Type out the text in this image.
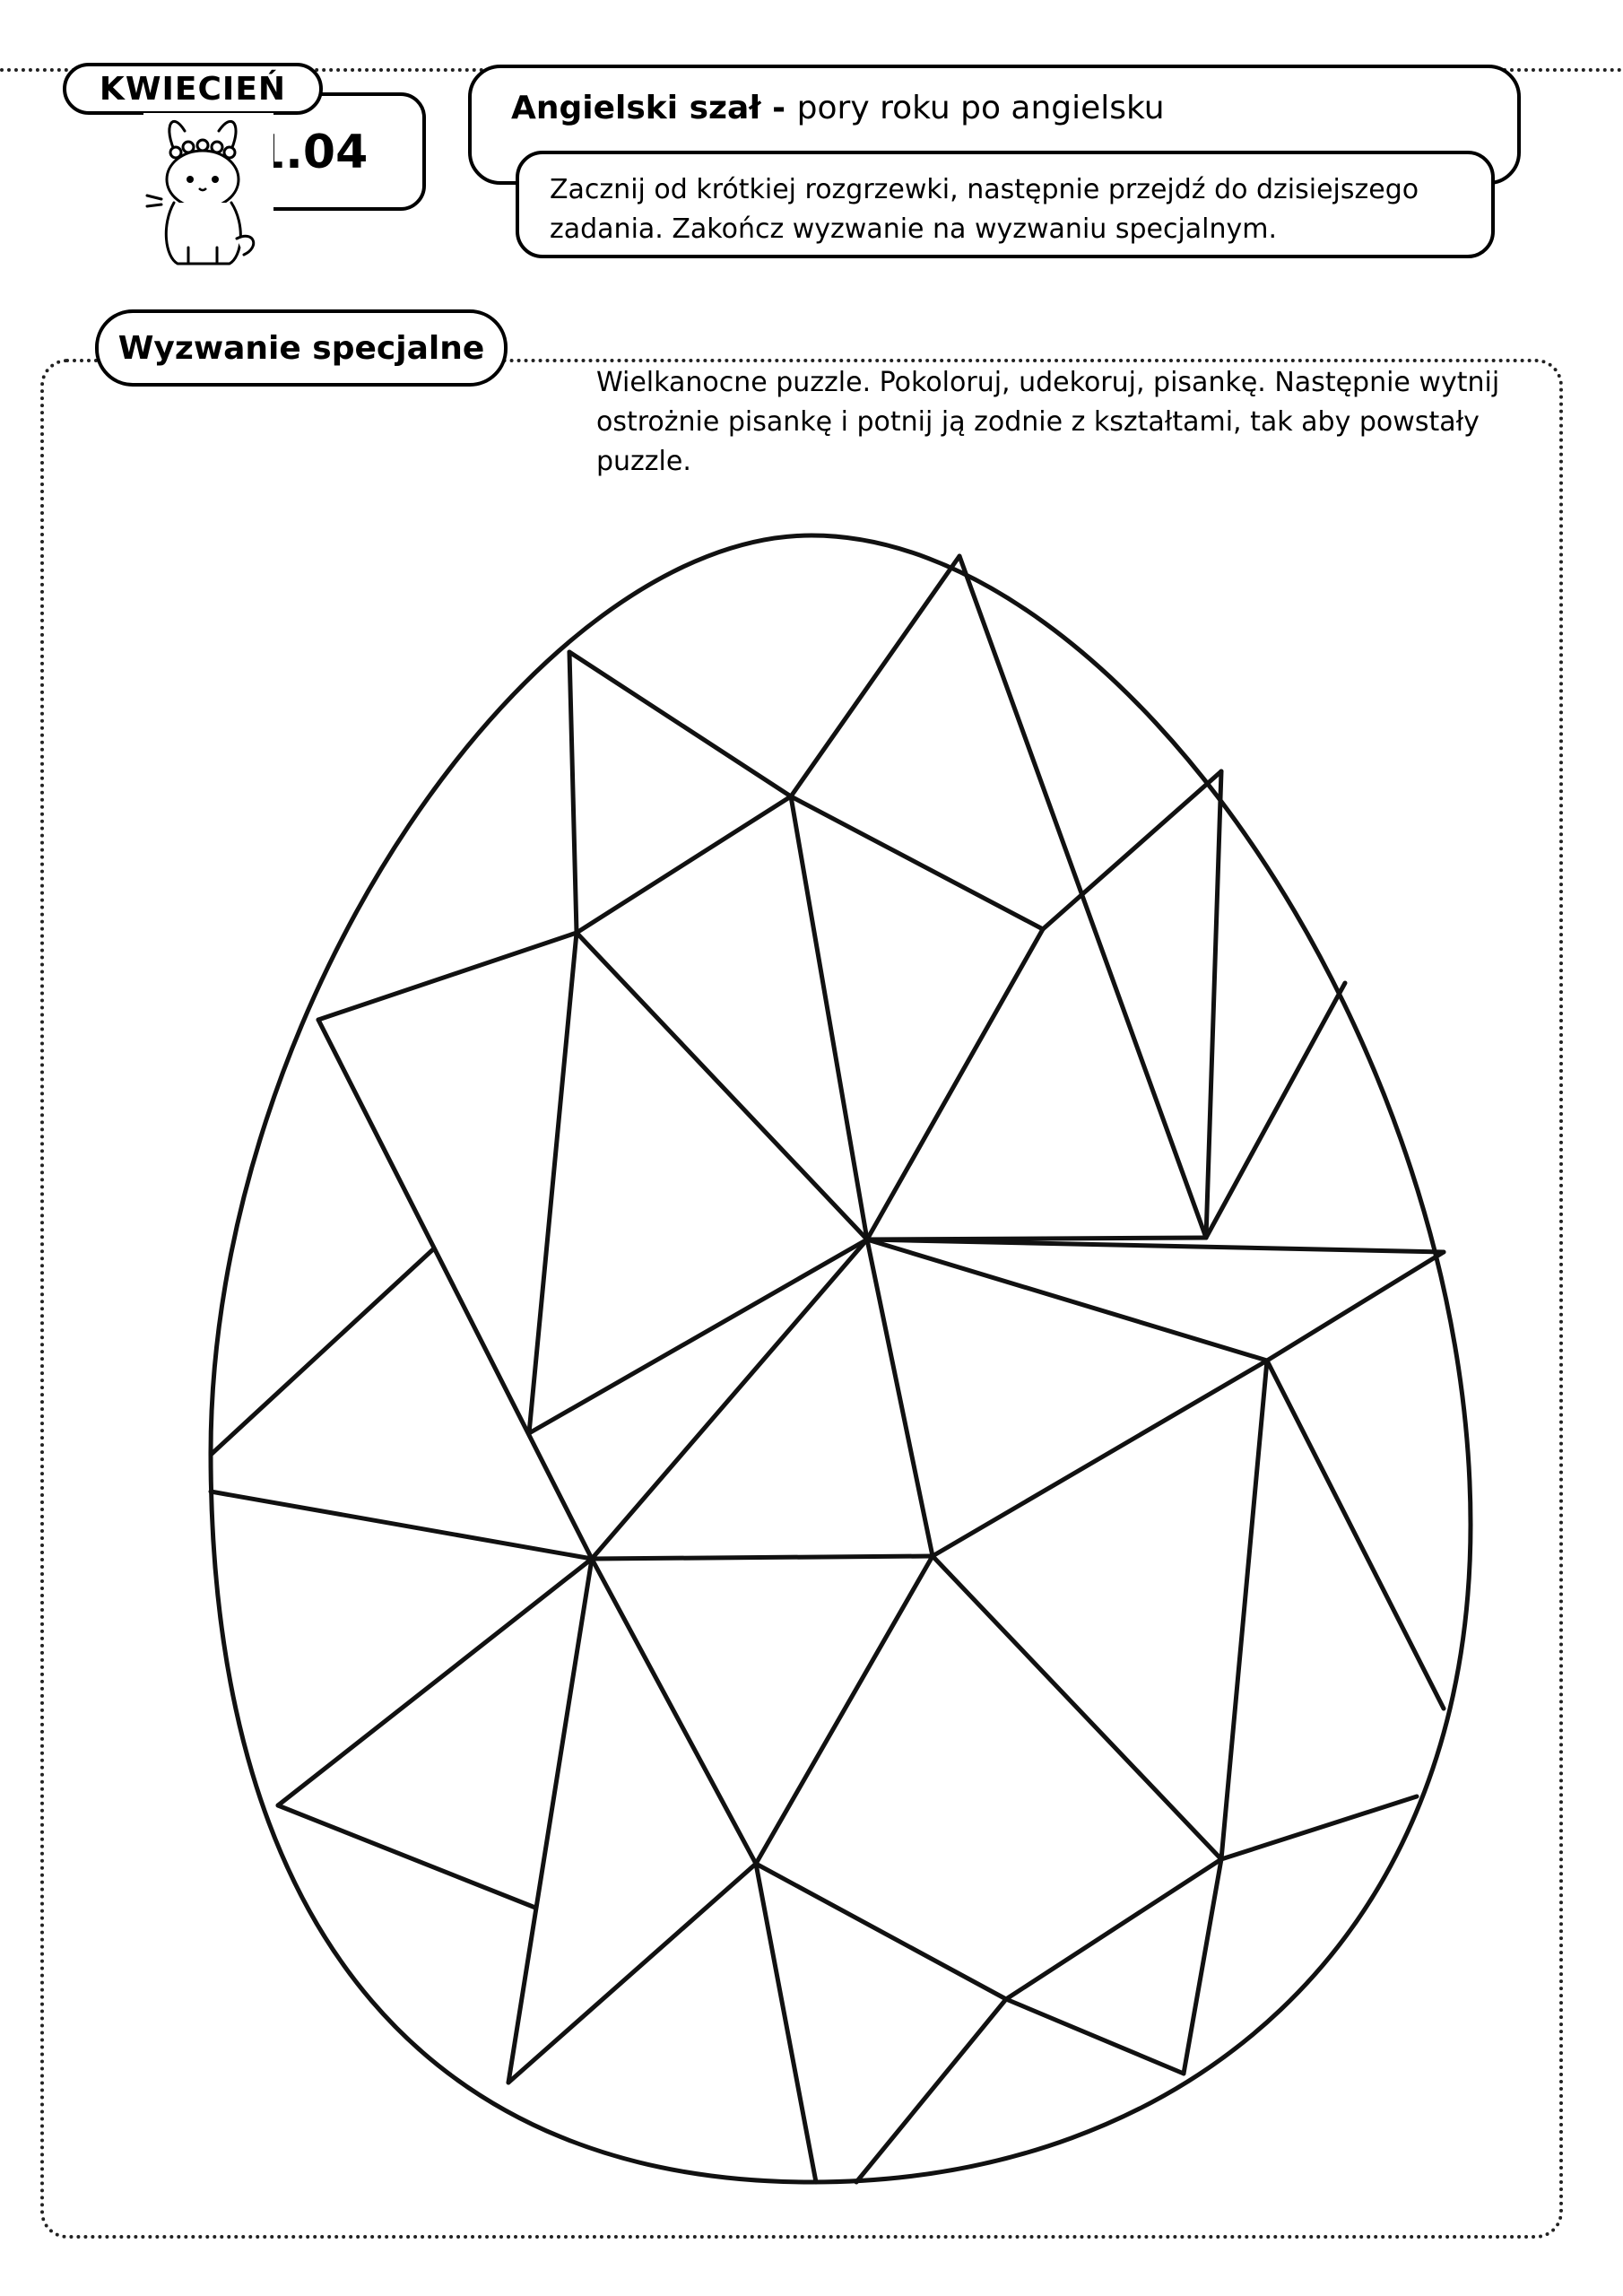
1.04
KWIECIEŃ
Angielski szał - pory roku po angielsku
Zacznij od krótkiej rozgrzewki, następnie przejdź do dzisiejszego zadania. Zakończ wyzwanie na wyzwaniu specjalnym.
Wyzwanie specjalne
Wielkanocne puzzle. Pokoloruj, udekoruj, pisankę. Następnie wytnij ostrożnie pisankę i potnij ją zodnie z kształtami, tak aby powstały puzzle.
